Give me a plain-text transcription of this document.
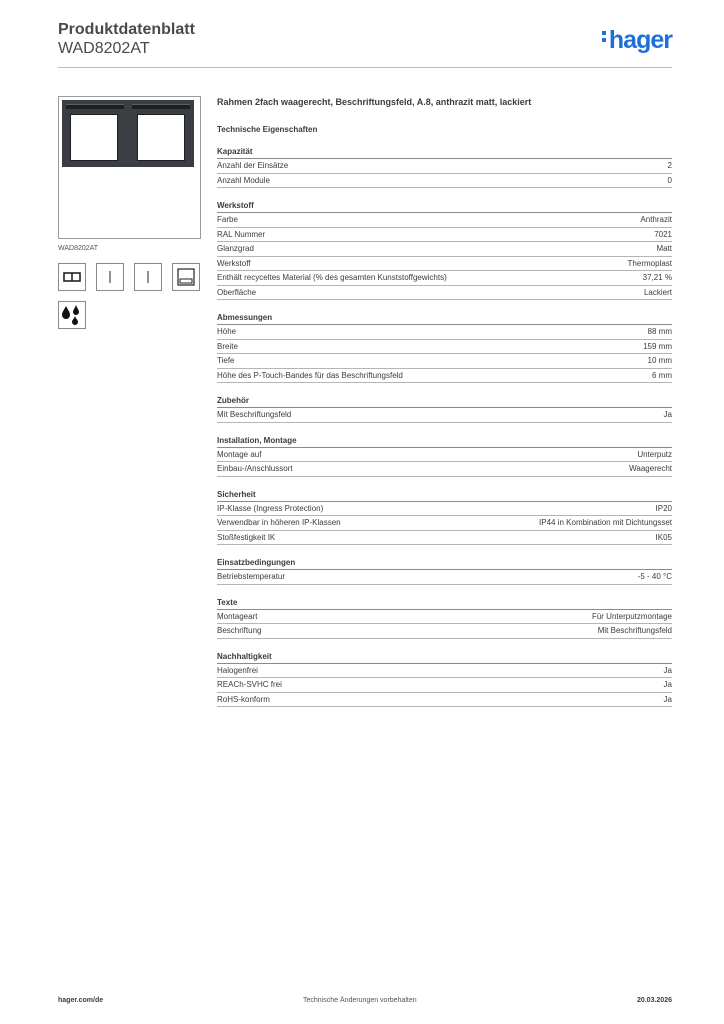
Produktdatenblatt
WAD8202AT	hager
WAD8202AT
Rahmen 2fach waagerecht, Beschriftungsfeld, A.8, anthrazit matt, lackiert
Technische Eigenschaften
Kapazität
Anzahl der Einsätze	2
Anzahl Module	0
Werkstoff
Farbe	Anthrazit
RAL Nummer	7021
Glanzgrad	Matt
Werkstoff	Thermoplast
Enthält recyceltes Material (% des gesamten Kunststoffgewichts)	37,21 %
Oberfläche	Lackiert
Abmessungen
Höhe	88 mm
Breite	159 mm
Tiefe	10 mm
Höhe des P-Touch-Bandes für das Beschriftungsfeld	6 mm
Zubehör
Mit Beschriftungsfeld	Ja
Installation, Montage
Montage auf	Unterputz
Einbau-/Anschlussort	Waagerecht
Sicherheit
IP-Klasse (Ingress Protection)	IP20
Verwendbar in höheren IP-Klassen	IP44 in Kombination mit Dichtungsset
Stoßfestigkeit IK	IK05
Einsatzbedingungen
Betriebstemperatur	-5 - 40 °C
Texte
Montageart	Für Unterputzmontage
Beschriftung	Mit Beschriftungsfeld
Nachhaltigkeit
Halogenfrei	Ja
REACh-SVHC frei	Ja
RoHS-konform	Ja
hager.com/de	Technische Änderungen vorbehalten	20.03.2026
